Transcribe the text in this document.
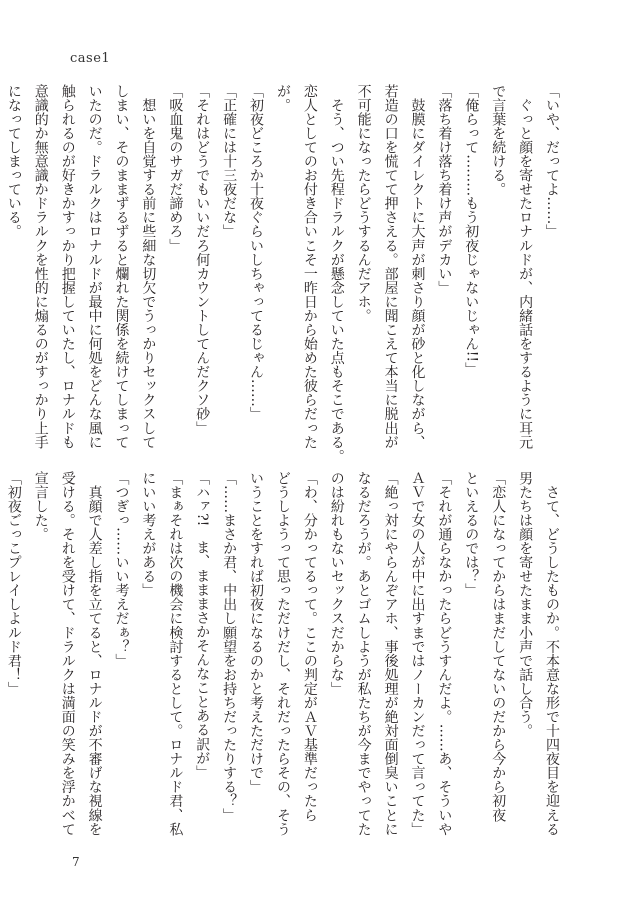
case1
「いや、だってよ……」
　ぐっと顔を寄せたロナルドが、内緒話をするように耳元
で言葉を続ける。
「俺らって………もう初夜じゃないじゃん!!」
「落ち着け落ち着け声がデカい」
　鼓膜にダイレクトに大声が刺さり顔が砂と化しながら、
若造の口を慌てて押さえる。部屋に聞こえて本当に脱出が
不可能になったらどうするんだアホ。
　そう、つい先程ドラルクが懸念していた点もそこである。
恋人としてのお付き合いこそ一昨日から始めた彼らだった
が。
「初夜どころか十夜ぐらいしちゃってるじゃん……」
「正確には十三夜だな」
「それはどうでもいいだろ何カウントしてんだクソ砂」
「吸血鬼のサガだ諦めろ」
　想いを自覚する前に些細な切欠でうっかりセックスして
しまい、そのままずるずると爛れた関係を続けてしまって
いたのだ。ドラルクはロナルドが最中に何処をどんな風に
触られるのが好きかすっかり把握していたし、ロナルドも
意識的か無意識かドラルクを性的に煽るのがすっかり上手
になってしまっている。
　さて、どうしたものか。不本意な形で十四夜目を迎える
男たちは顔を寄せたまま小声で話し合う。
「恋人になってからはまだしてないのだから今から初夜
といえるのでは？」
「それが通らなかったらどうすんだよ。……あ、そういや
ＡＶで女の人が中に出すまではノーカンだって言ってた」
「絶っ対にやらんぞアホ、事後処理が絶対面倒臭いことに
なるだろうが。あとゴムしようが私たちが今までやってた
のは紛れもないセックスだからな」
「わ、分かってるって。ここの判定がＡＶ基準だったら
どうしようって思っただけだし、それだったらその、そう
いうことをすれば初夜になるのかと考えただけで」
「……まさか君、中出し願望をお持ちだったりする？」
「ハァ?!　ま、まままさかそんなことある訳が」
「まぁそれは次の機会に検討するとして。ロナルド君、私
にいい考えがある」
「つぎっ……いい考えだぁ？」
　真顔で人差し指を立てると、ロナルドが不審げな視線を
受ける。それを受けて、ドラルクは満面の笑みを浮かべて
宣言した。
「初夜ごっこプレイしよルド君！」
7
